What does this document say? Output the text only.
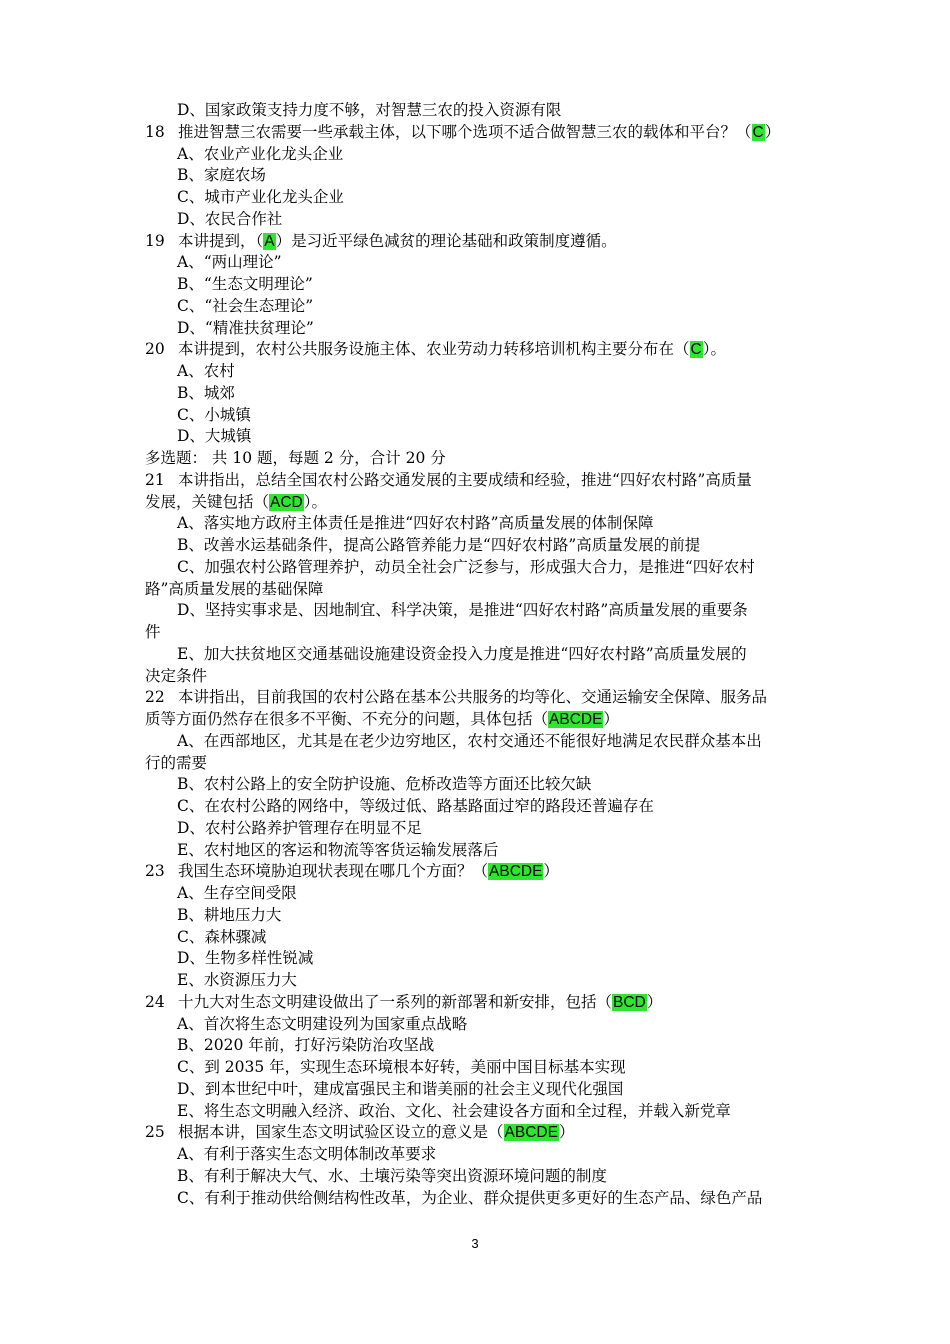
D、国家政策支持力度不够，对智慧三农的投入资源有限
18 推进智慧三农需要一些承载主体，以下哪个选项不适合做智慧三农的载体和平台？（C）
A、农业产业化龙头企业
B、家庭农场
C、城市产业化龙头企业
D、农民合作社
19 本讲提到，（A）是习近平绿色减贫的理论基础和政策制度遵循。
A、“两山理论”
B、“生态文明理论”
C、“社会生态理论”
D、“精准扶贫理论”
20 本讲提到，农村公共服务设施主体、农业劳动力转移培训机构主要分布在（C）。
A、农村
B、城郊
C、小城镇
D、大城镇
多选题： 共 10 题，每题 2 分，合计 20 分
21 本讲指出，总结全国农村公路交通发展的主要成绩和经验，推进“四好农村路”高质量
发展，关键包括（ACD）。
A、落实地方政府主体责任是推进“四好农村路”高质量发展的体制保障
B、改善水运基础条件，提高公路管养能力是“四好农村路”高质量发展的前提
C、加强农村公路管理养护，动员全社会广泛参与，形成强大合力，是推进“四好农村
路”高质量发展的基础保障
D、坚持实事求是、因地制宜、科学决策，是推进“四好农村路”高质量发展的重要条
件
E、加大扶贫地区交通基础设施建设资金投入力度是推进“四好农村路”高质量发展的
决定条件
22 本讲指出，目前我国的农村公路在基本公共服务的均等化、交通运输安全保障、服务品
质等方面仍然存在很多不平衡、不充分的问题，具体包括（ABCDE）
A、在西部地区，尤其是在老少边穷地区，农村交通还不能很好地满足农民群众基本出
行的需要
B、农村公路上的安全防护设施、危桥改造等方面还比较欠缺
C、在农村公路的网络中，等级过低、路基路面过窄的路段还普遍存在
D、农村公路养护管理存在明显不足
E、农村地区的客运和物流等客货运输发展落后
23 我国生态环境胁迫现状表现在哪几个方面？（ABCDE）
A、生存空间受限
B、耕地压力大
C、森林骤减
D、生物多样性锐减
E、水资源压力大
24 十九大对生态文明建设做出了一系列的新部署和新安排，包括（BCD）
A、首次将生态文明建设列为国家重点战略
B、2020 年前，打好污染防治攻坚战
C、到 2035 年，实现生态环境根本好转，美丽中国目标基本实现
D、到本世纪中叶，建成富强民主和谐美丽的社会主义现代化强国
E、将生态文明融入经济、政治、文化、社会建设各方面和全过程，并载入新党章
25 根据本讲，国家生态文明试验区设立的意义是（ABCDE）
A、有利于落实生态文明体制改革要求
B、有利于解决大气、水、土壤污染等突出资源环境问题的制度
C、有利于推动供给侧结构性改革，为企业、群众提供更多更好的生态产品、绿色产品
3
